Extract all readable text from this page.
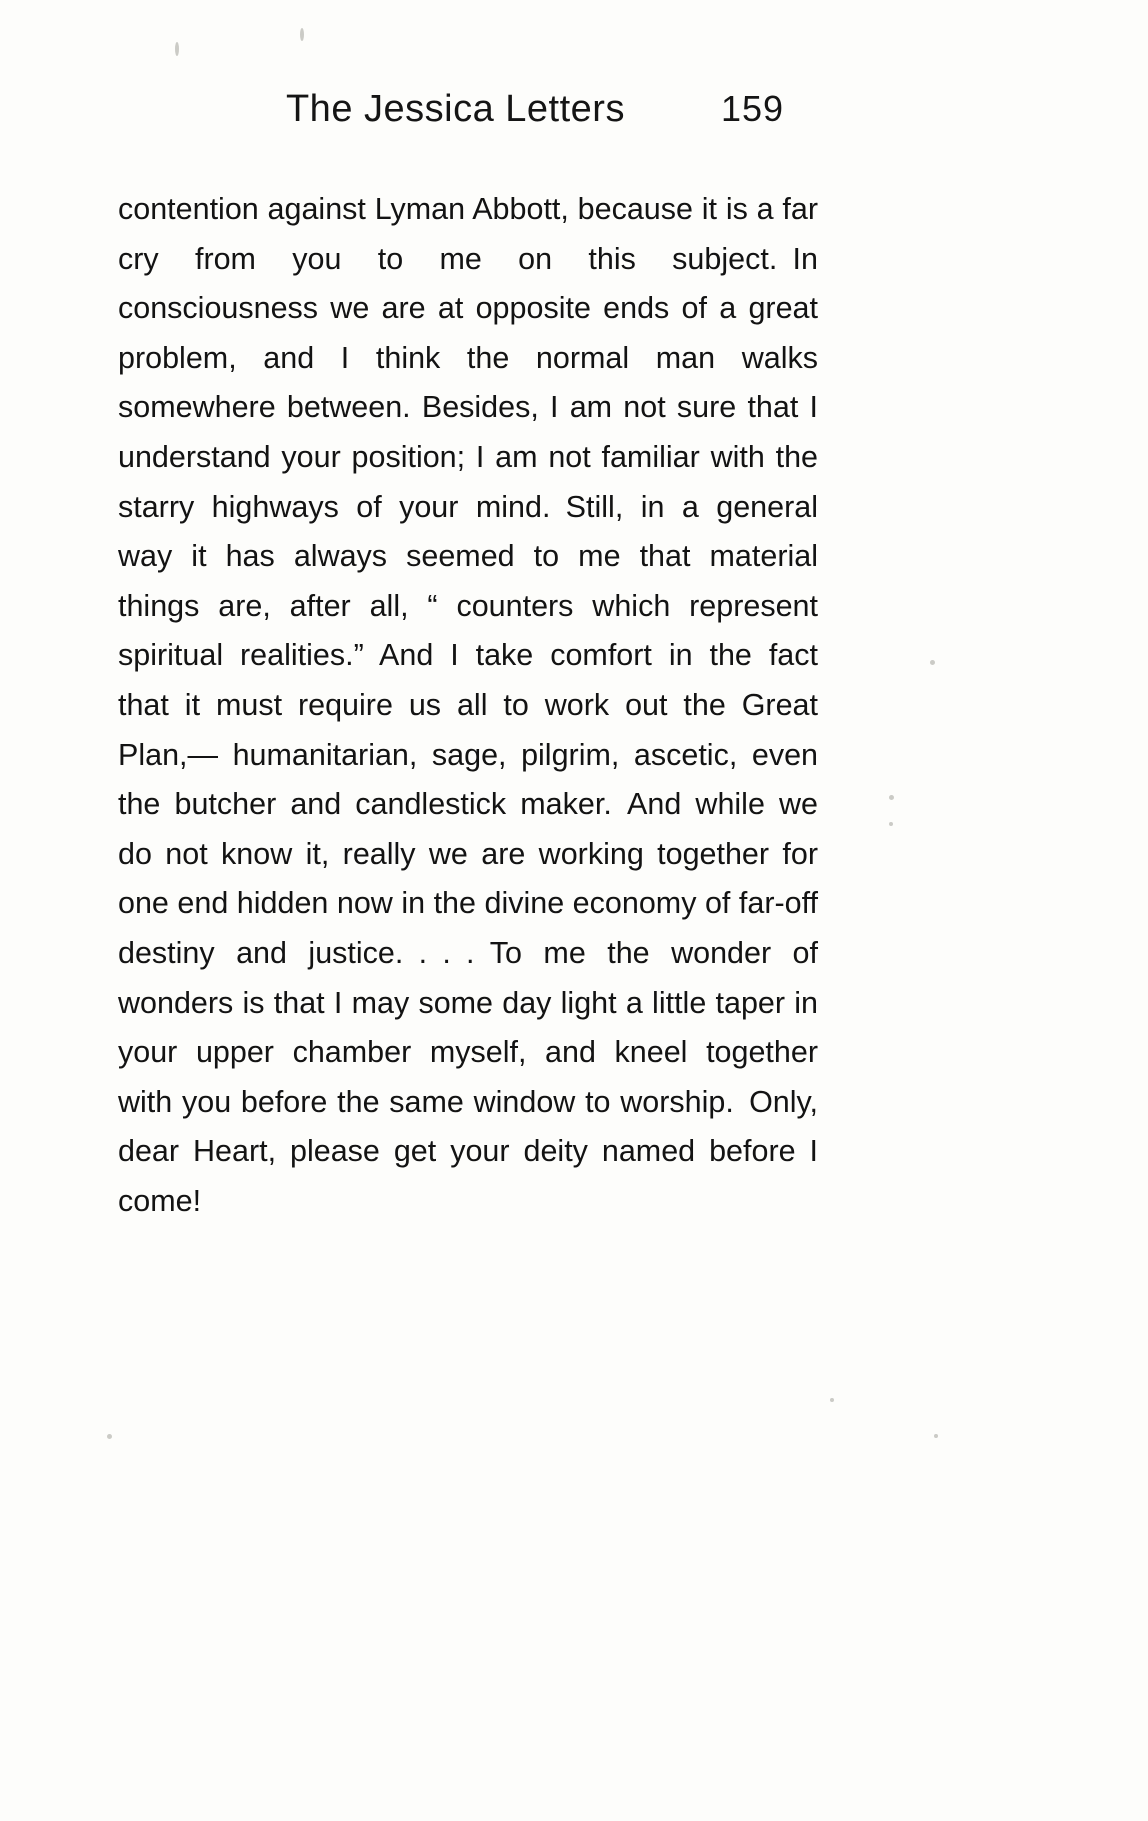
The Jessica Letters	159

contention against Lyman Abbott, because it is a far cry from you to me on this subject. In consciousness we are at opposite ends of a great problem, and I think the normal man walks somewhere between. Besides, I am not sure that I understand your position; I am not familiar with the starry highways of your mind. Still, in a general way it has always seemed to me that material things are, after all, “ counters which represent spiritual realities.” And I take comfort in the fact that it must require us all to work out the Great Plan,— humanitarian, sage, pilgrim, ascetic, even the butcher and candlestick maker. And while we do not know it, really we are working together for one end hidden now in the divine economy of far-off destiny and justice. . . . To me the wonder of wonders is that I may some day light a little taper in your upper chamber myself, and kneel together with you before the same window to worship. Only, dear Heart, please get your deity named before I come!
